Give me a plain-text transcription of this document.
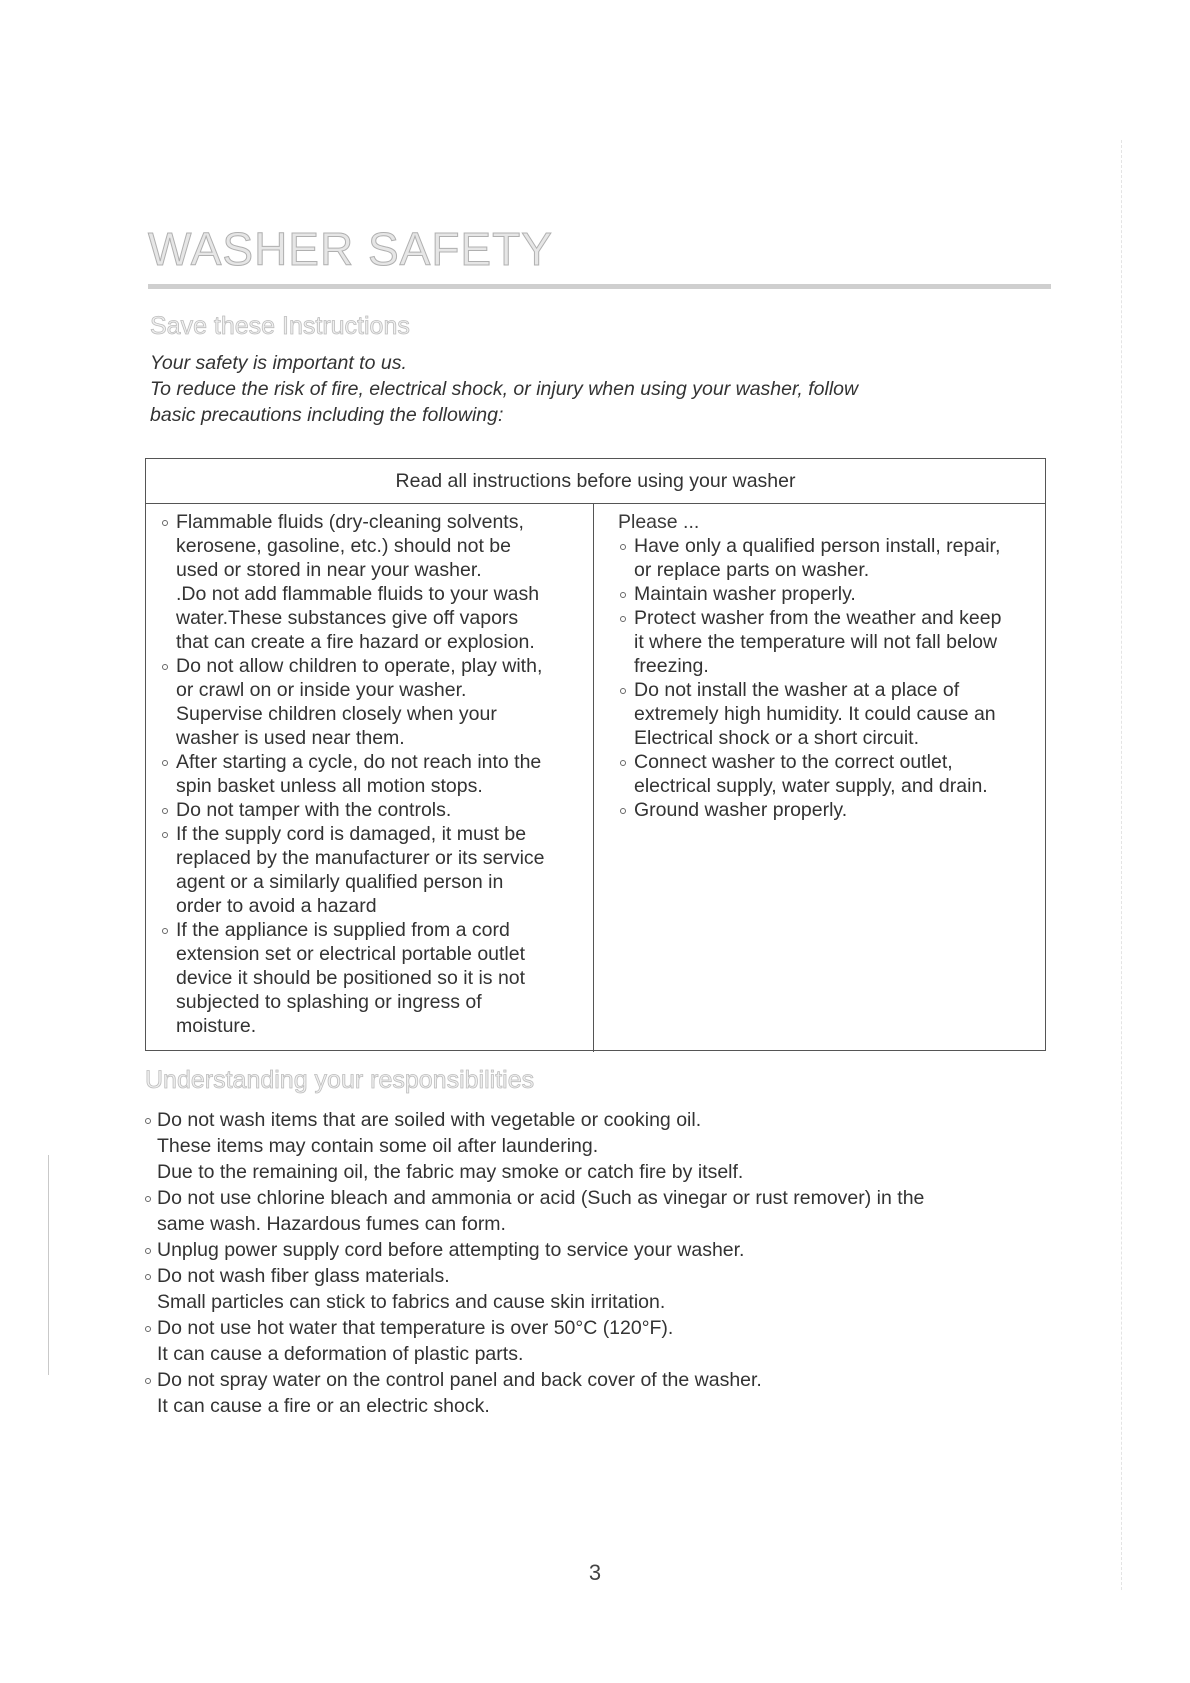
WASHER SAFETY
Save these Instructions

Your safety is important to us.

To reduce the risk of fire, electrical shock, or injury when using your washer, follow

basic precautions including the following:

Read all instructions before using your washer
Flammable fluids (dry-cleaning solvents,
kerosene, gasoline, etc.) should not be
used or stored in near your washer.
.Do not add flammable fluids to your wash
water.These substances give off vapors
that can create a fire hazard or explosion.
Do not allow children to operate, play with,
or crawl on or inside your washer.
Supervise children closely when your
washer is used near them.
After starting a cycle, do not reach into the
spin basket unless all motion stops.
Do not tamper with the controls.
If the supply cord is damaged, it must be
replaced by the manufacturer or its service
agent or a similarly qualified person in
order to avoid a hazard
If the appliance is supplied from a cord
extension set or electrical portable outlet
device it should be positioned so it is not
subjected to splashing or ingress of
moisture.
Please ...
Have only a qualified person install, repair,
or replace parts on washer.
Maintain washer properly.
Protect washer from the weather and keep
it where the temperature will not fall below
freezing.
Do not install the washer at a place of
extremely high humidity. It could cause an
Electrical shock or a short circuit.
Connect washer to the correct outlet,
electrical supply, water supply, and drain.
Ground washer properly.
Understanding your responsibilities
Do not wash items that are soiled with vegetable or cooking oil.
These items may contain some oil after laundering.
Due to the remaining oil, the fabric may smoke or catch fire by itself.
Do not use chlorine bleach and ammonia or acid (Such as vinegar or rust remover) in the
same wash. Hazardous fumes can form.
Unplug power supply cord before attempting to service your washer.
Do not wash fiber glass materials.
Small particles can stick to fabrics and cause skin irritation.
Do not use hot water that temperature is over 50°C (120°F).
It can cause a deformation of plastic parts.
Do not spray water on the control panel and back cover of the washer.
It can cause a fire or an electric shock.
3
